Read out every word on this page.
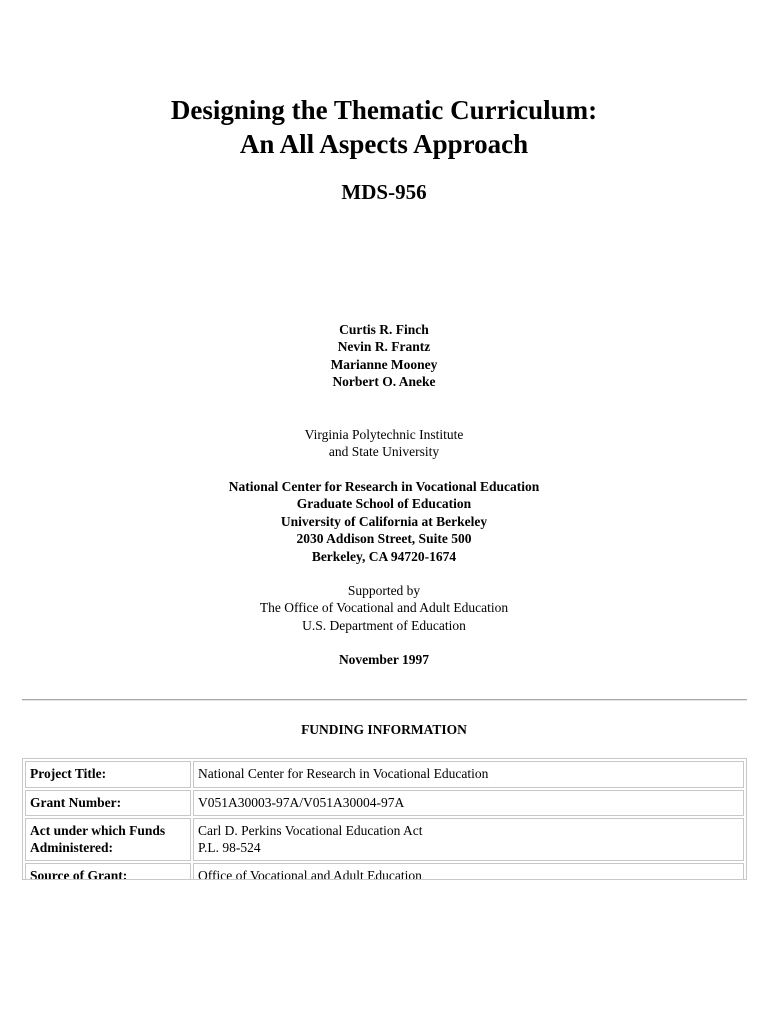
Designing the Thematic Curriculum:
An All Aspects Approach
MDS-956
Curtis R. Finch
Nevin R. Frantz
Marianne Mooney
Norbert O. Aneke
Virginia Polytechnic Institute
and State University
National Center for Research in Vocational Education
Graduate School of Education
University of California at Berkeley
2030 Addison Street, Suite 500
Berkeley, CA 94720-1674
Supported by
The Office of Vocational and Adult Education
U.S. Department of Education
November 1997
FUNDING INFORMATION
Project Title:	National Center for Research in Vocational Education

Grant Number:	V051A30003-97A/V051A30004-97A

Act under which Funds Administered:	Carl D. Perkins Vocational Education Act
P.L. 98-524

Source of Grant:	Office of Vocational and Adult Education
